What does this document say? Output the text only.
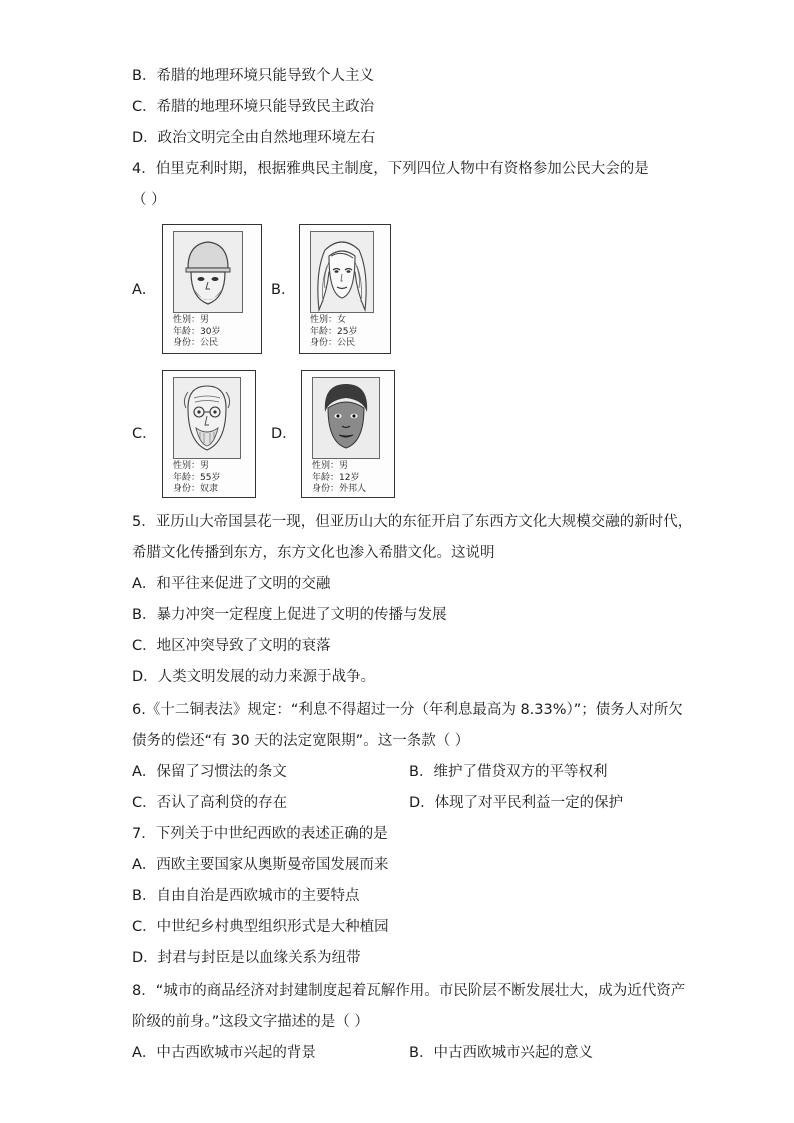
B．希腊的地理环境只能导致个人主义
C．希腊的地理环境只能导致民主政治
D．政治文明完全由自然地理环境左右
4．伯里克利时期，根据雅典民主制度，下列四位人物中有资格参加公民大会的是
（ ）
A．
性别：男
年龄：30岁
身份：公民
B．
性别：女
年龄：25岁
身份：公民
C．
性别：男
年龄：55岁
身份：奴隶
D．
性别：男
年龄：12岁
身份：外邦人
5．亚历山大帝国昙花一现，但亚历山大的东征开启了东西方文化大规模交融的新时代，
希腊文化传播到东方，东方文化也渗入希腊文化。这说明
A．和平往来促进了文明的交融
B．暴力冲突一定程度上促进了文明的传播与发展
C．地区冲突导致了文明的衰落
D．人类文明发展的动力来源于战争。
6.《十二铜表法》规定：“利息不得超过一分（年利息最高为 8.33%）”；债务人对所欠
债务的偿还“有 30 天的法定宽限期”。这一条款（ ）
A．保留了习惯法的条文	B．维护了借贷双方的平等权利
C．否认了高利贷的存在	D．体现了对平民利益一定的保护
7．下列关于中世纪西欧的表述正确的是
A．西欧主要国家从奥斯曼帝国发展而来
B．自由自治是西欧城市的主要特点
C．中世纪乡村典型组织形式是大种植园
D．封君与封臣是以血缘关系为纽带
8．“城市的商品经济对封建制度起着瓦解作用。市民阶层不断发展壮大，成为近代资产
阶级的前身。”这段文字描述的是（ ）
A．中古西欧城市兴起的背景	B．中古西欧城市兴起的意义
